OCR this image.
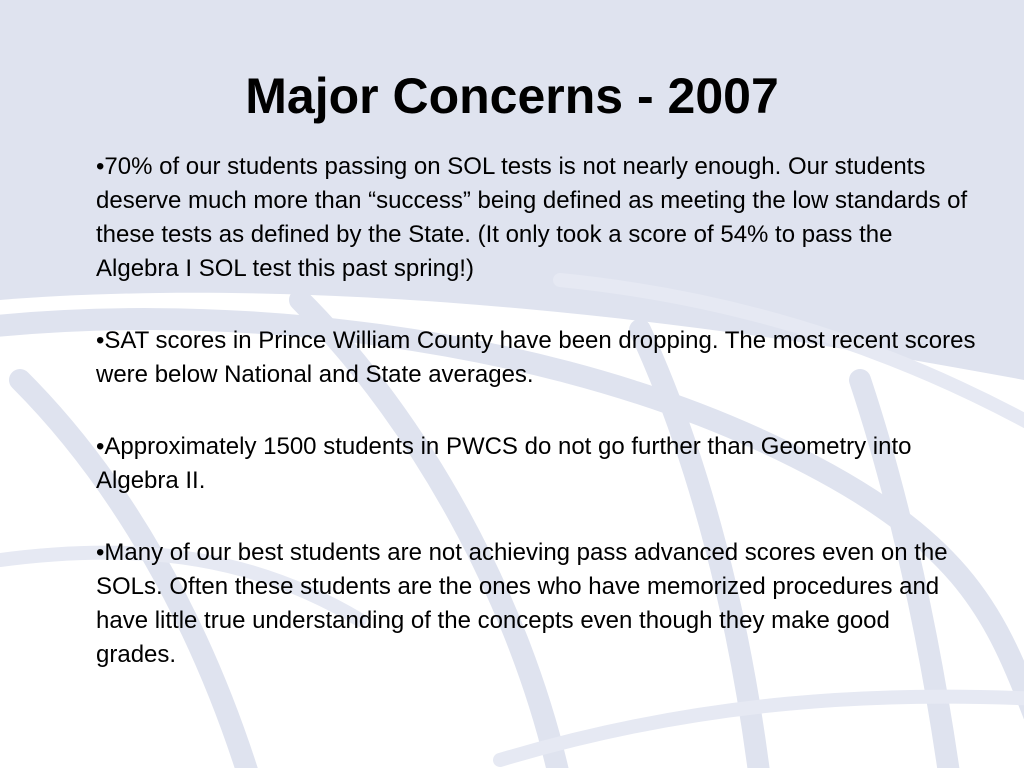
Major Concerns - 2007
•70% of our students passing on SOL tests is not nearly enough. Our students deserve much more than “success” being defined as meeting the low standards of these tests as defined by the State. (It only took a score of 54% to pass the Algebra I SOL test this past spring!)
•SAT scores in Prince William County have been dropping. The most recent scores were below National and State averages.
•Approximately 1500 students in PWCS do not go further than Geometry into Algebra II.
•Many of our best students are not achieving pass advanced scores even on the SOLs. Often these students are the ones who have memorized procedures and have little true understanding of the concepts even though they make good grades.
